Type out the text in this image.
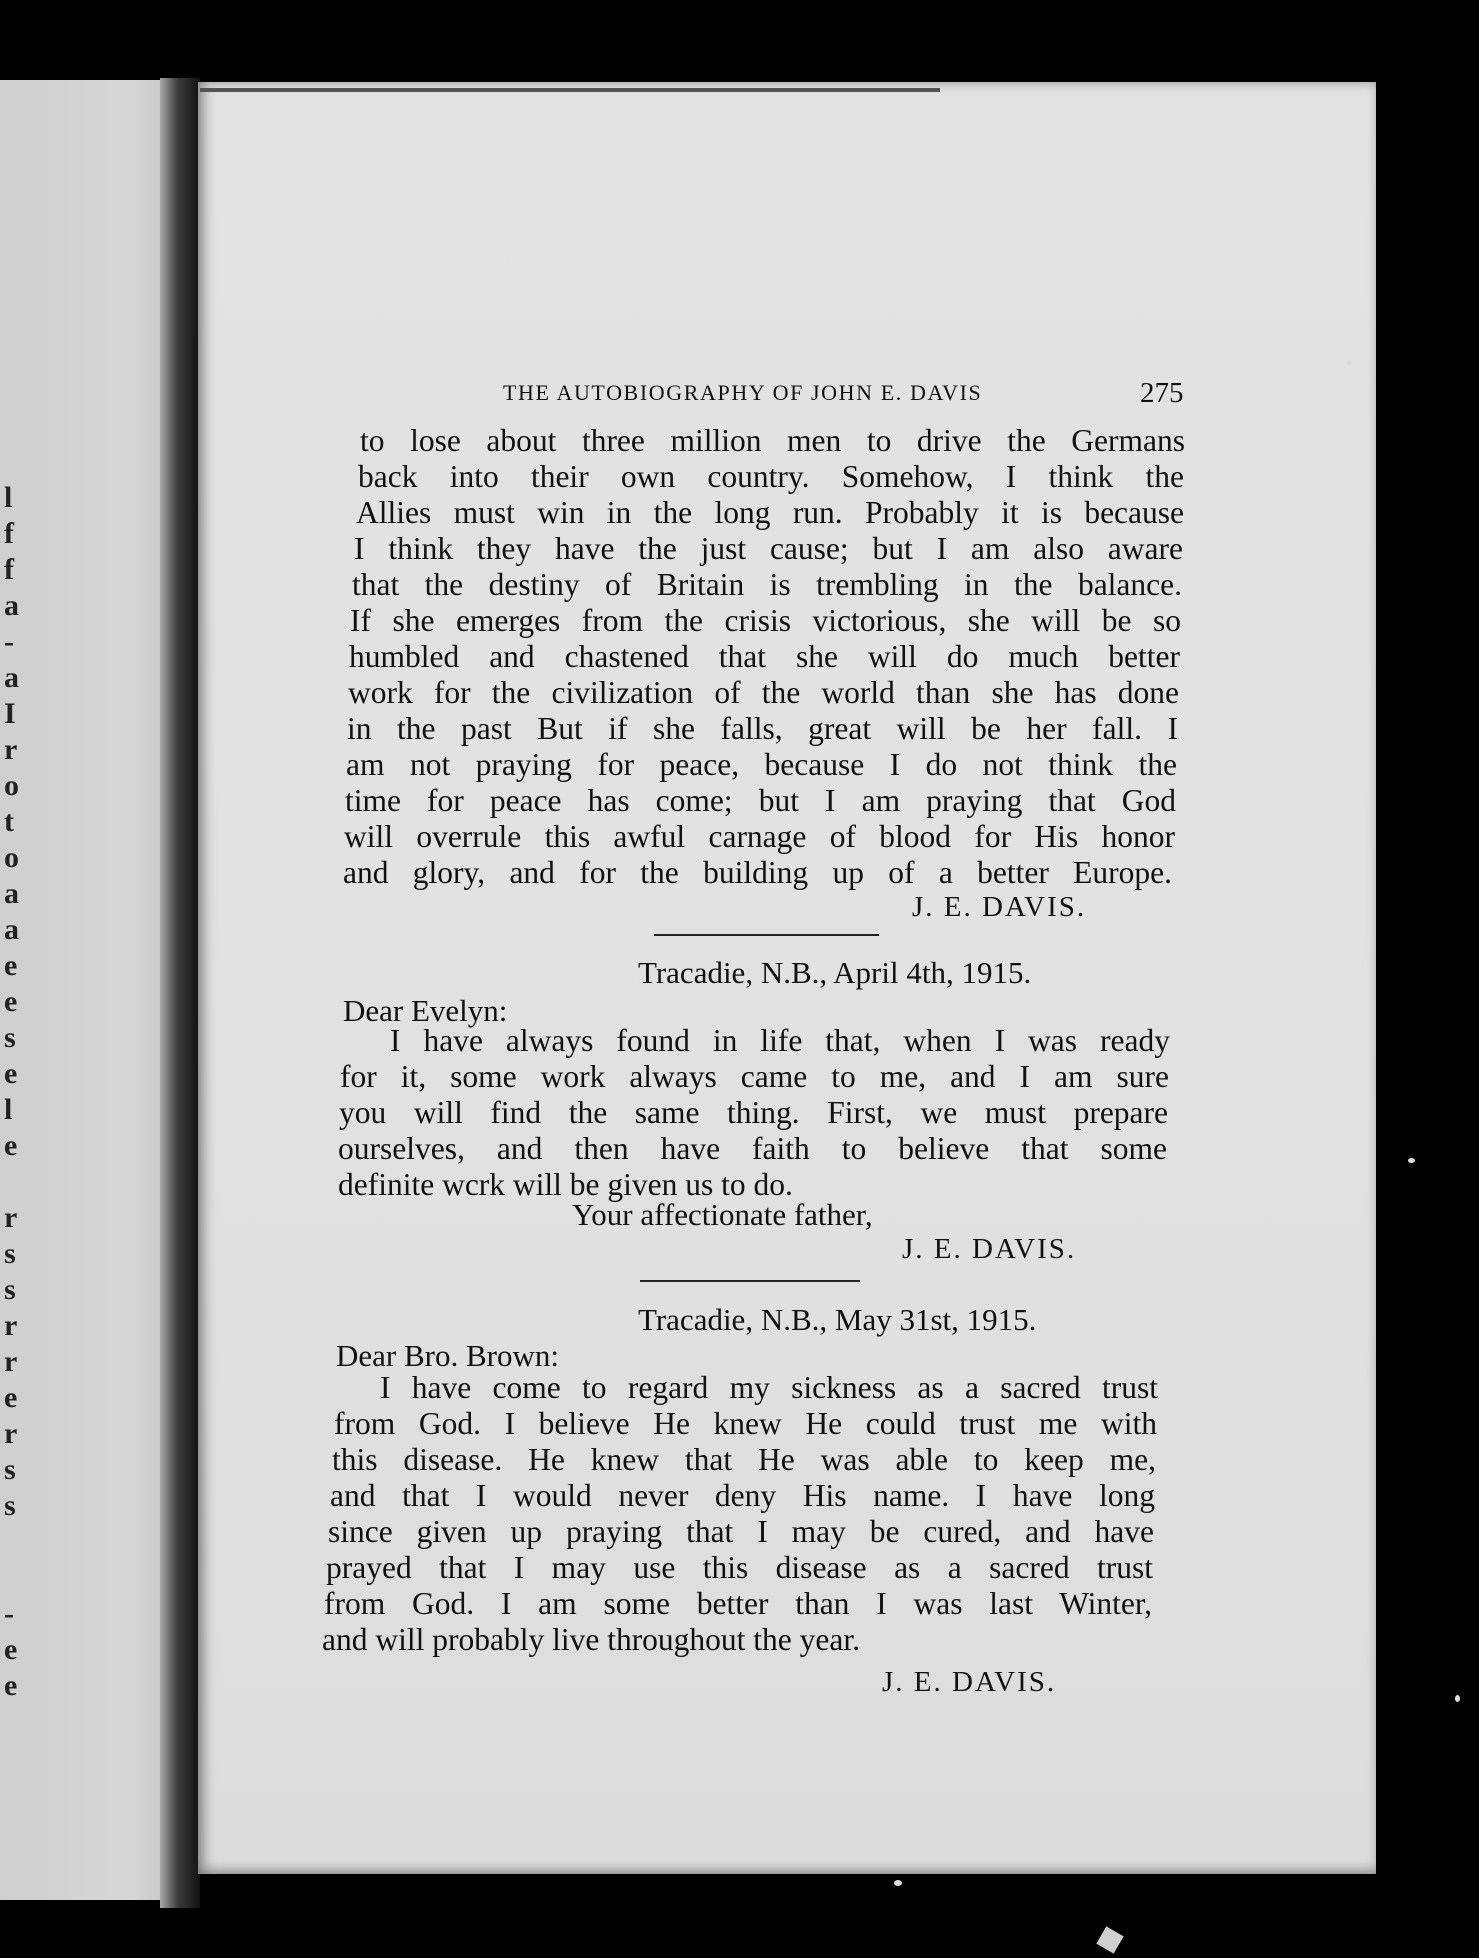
l
f
f
a
-
a
I
r
o
t
o
a
a
e
e
s
e
l
e

r
s
s
r
r
e
r
s
s

-
e
e
THE AUTOBIOGRAPHY OF JOHN E. DAVIS	275
to lose about three million men to drive the Germans
back into their own country. Somehow, I think the
Allies must win in the long run. Probably it is because
I think they have the just cause; but I am also aware
that the destiny of Britain is trembling in the balance.
If she emerges from the crisis victorious, she will be so
humbled and chastened that she will do much better
work for the civilization of the world than she has done
in the past But if she falls, great will be her fall. I
am not praying for peace, because I do not think the
time for peace has come; but I am praying that God
will overrule this awful carnage of blood for His honor
and glory, and for the building up of a better Europe.
J. E. DAVIS.
Tracadie, N.B., April 4th, 1915.
Dear Evelyn:
I have always found in life that, when I was ready
for it, some work always came to me, and I am sure
you will find the same thing. First, we must prepare
ourselves, and then have faith to believe that some
definite wcrk will be given us to do.
Your affectionate father,
J. E. DAVIS.
Tracadie, N.B., May 31st, 1915.
Dear Bro. Brown:
I have come to regard my sickness as a sacred trust
from God. I believe He knew He could trust me with
this disease. He knew that He was able to keep me,
and that I would never deny His name. I have long
since given up praying that I may be cured, and have
prayed that I may use this disease as a sacred trust
from God. I am some better than I was last Winter,
and will probably live throughout the year.
J. E. DAVIS.
